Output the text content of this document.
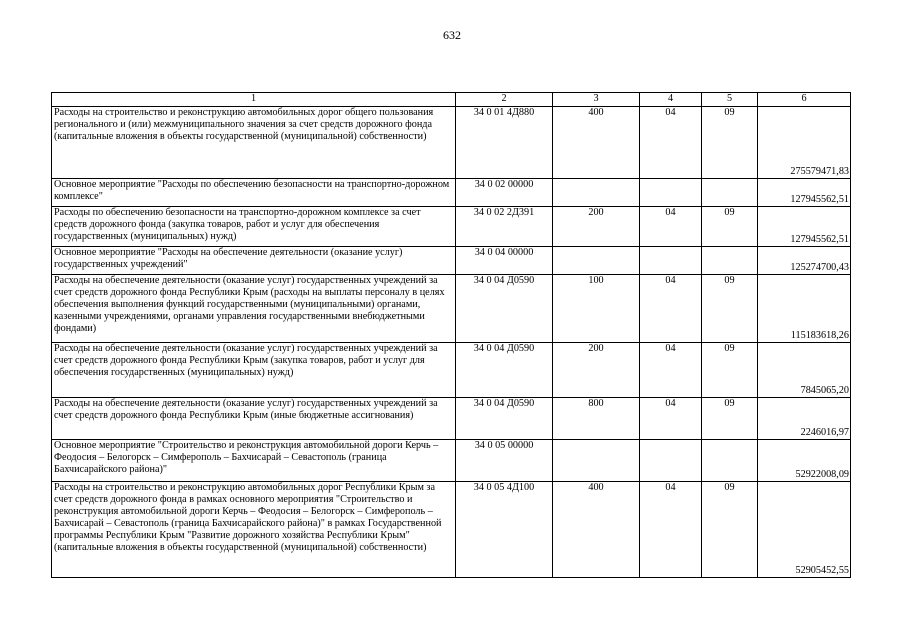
632
1	2	3	4	5	6
Расходы на строительство и реконструкцию автомобильных дорог общего пользования регионального и (или) межмуниципального значения за счет средств дорожного фонда (капитальные вложения в объекты государственной (муниципальной) собственности)	34 0 01 4Д880	400	04	09	275579471,83
Основное мероприятие "Расходы по обеспечению безопасности на транспортно-дорожном комплексе"	34 0 02 00000				127945562,51
Расходы по обеспечению безопасности на транспортно-дорожном комплексе за счет средств дорожного фонда (закупка товаров, работ и услуг для обеспечения государственных (муниципальных) нужд)	34 0 02 2Д391	200	04	09	127945562,51
Основное мероприятие "Расходы на обеспечение деятельности (оказание услуг) государственных учреждений"	34 0 04 00000				125274700,43
Расходы на обеспечение деятельности (оказание услуг) государственных учреждений за счет средств дорожного фонда Республики Крым (расходы на выплаты персоналу в целях обеспечения выполнения функций государственными (муниципальными) органами, казенными учреждениями, органами управления государственными внебюджетными фондами)	34 0 04 Д0590	100	04	09	115183618,26
Расходы на обеспечение деятельности (оказание услуг) государственных учреждений за счет средств дорожного фонда Республики Крым (закупка товаров, работ и услуг для обеспечения государственных (муниципальных) нужд)	34 0 04 Д0590	200	04	09	7845065,20
Расходы на обеспечение деятельности (оказание услуг) государственных учреждений за счет средств дорожного фонда Республики Крым (иные бюджетные ассигнования)	34 0 04 Д0590	800	04	09	2246016,97
Основное мероприятие "Строительство и реконструкция автомобильной дороги Керчь – Феодосия – Белогорск – Симферополь – Бахчисарай – Севастополь (граница Бахчисарайского района)"	34 0 05 00000				52922008,09
Расходы на строительство и реконструкцию автомобильных дорог Республики Крым за счет средств дорожного фонда в рамках основного мероприятия "Строительство и реконструкция автомобильной дороги Керчь – Феодосия – Белогорск – Симферополь – Бахчисарай – Севастополь (граница Бахчисарайского района)" в рамках Государственной программы Республики Крым "Развитие дорожного хозяйства Республики Крым" (капитальные вложения в объекты государственной (муниципальной) собственности)	34 0 05 4Д100	400	04	09	52905452,55
